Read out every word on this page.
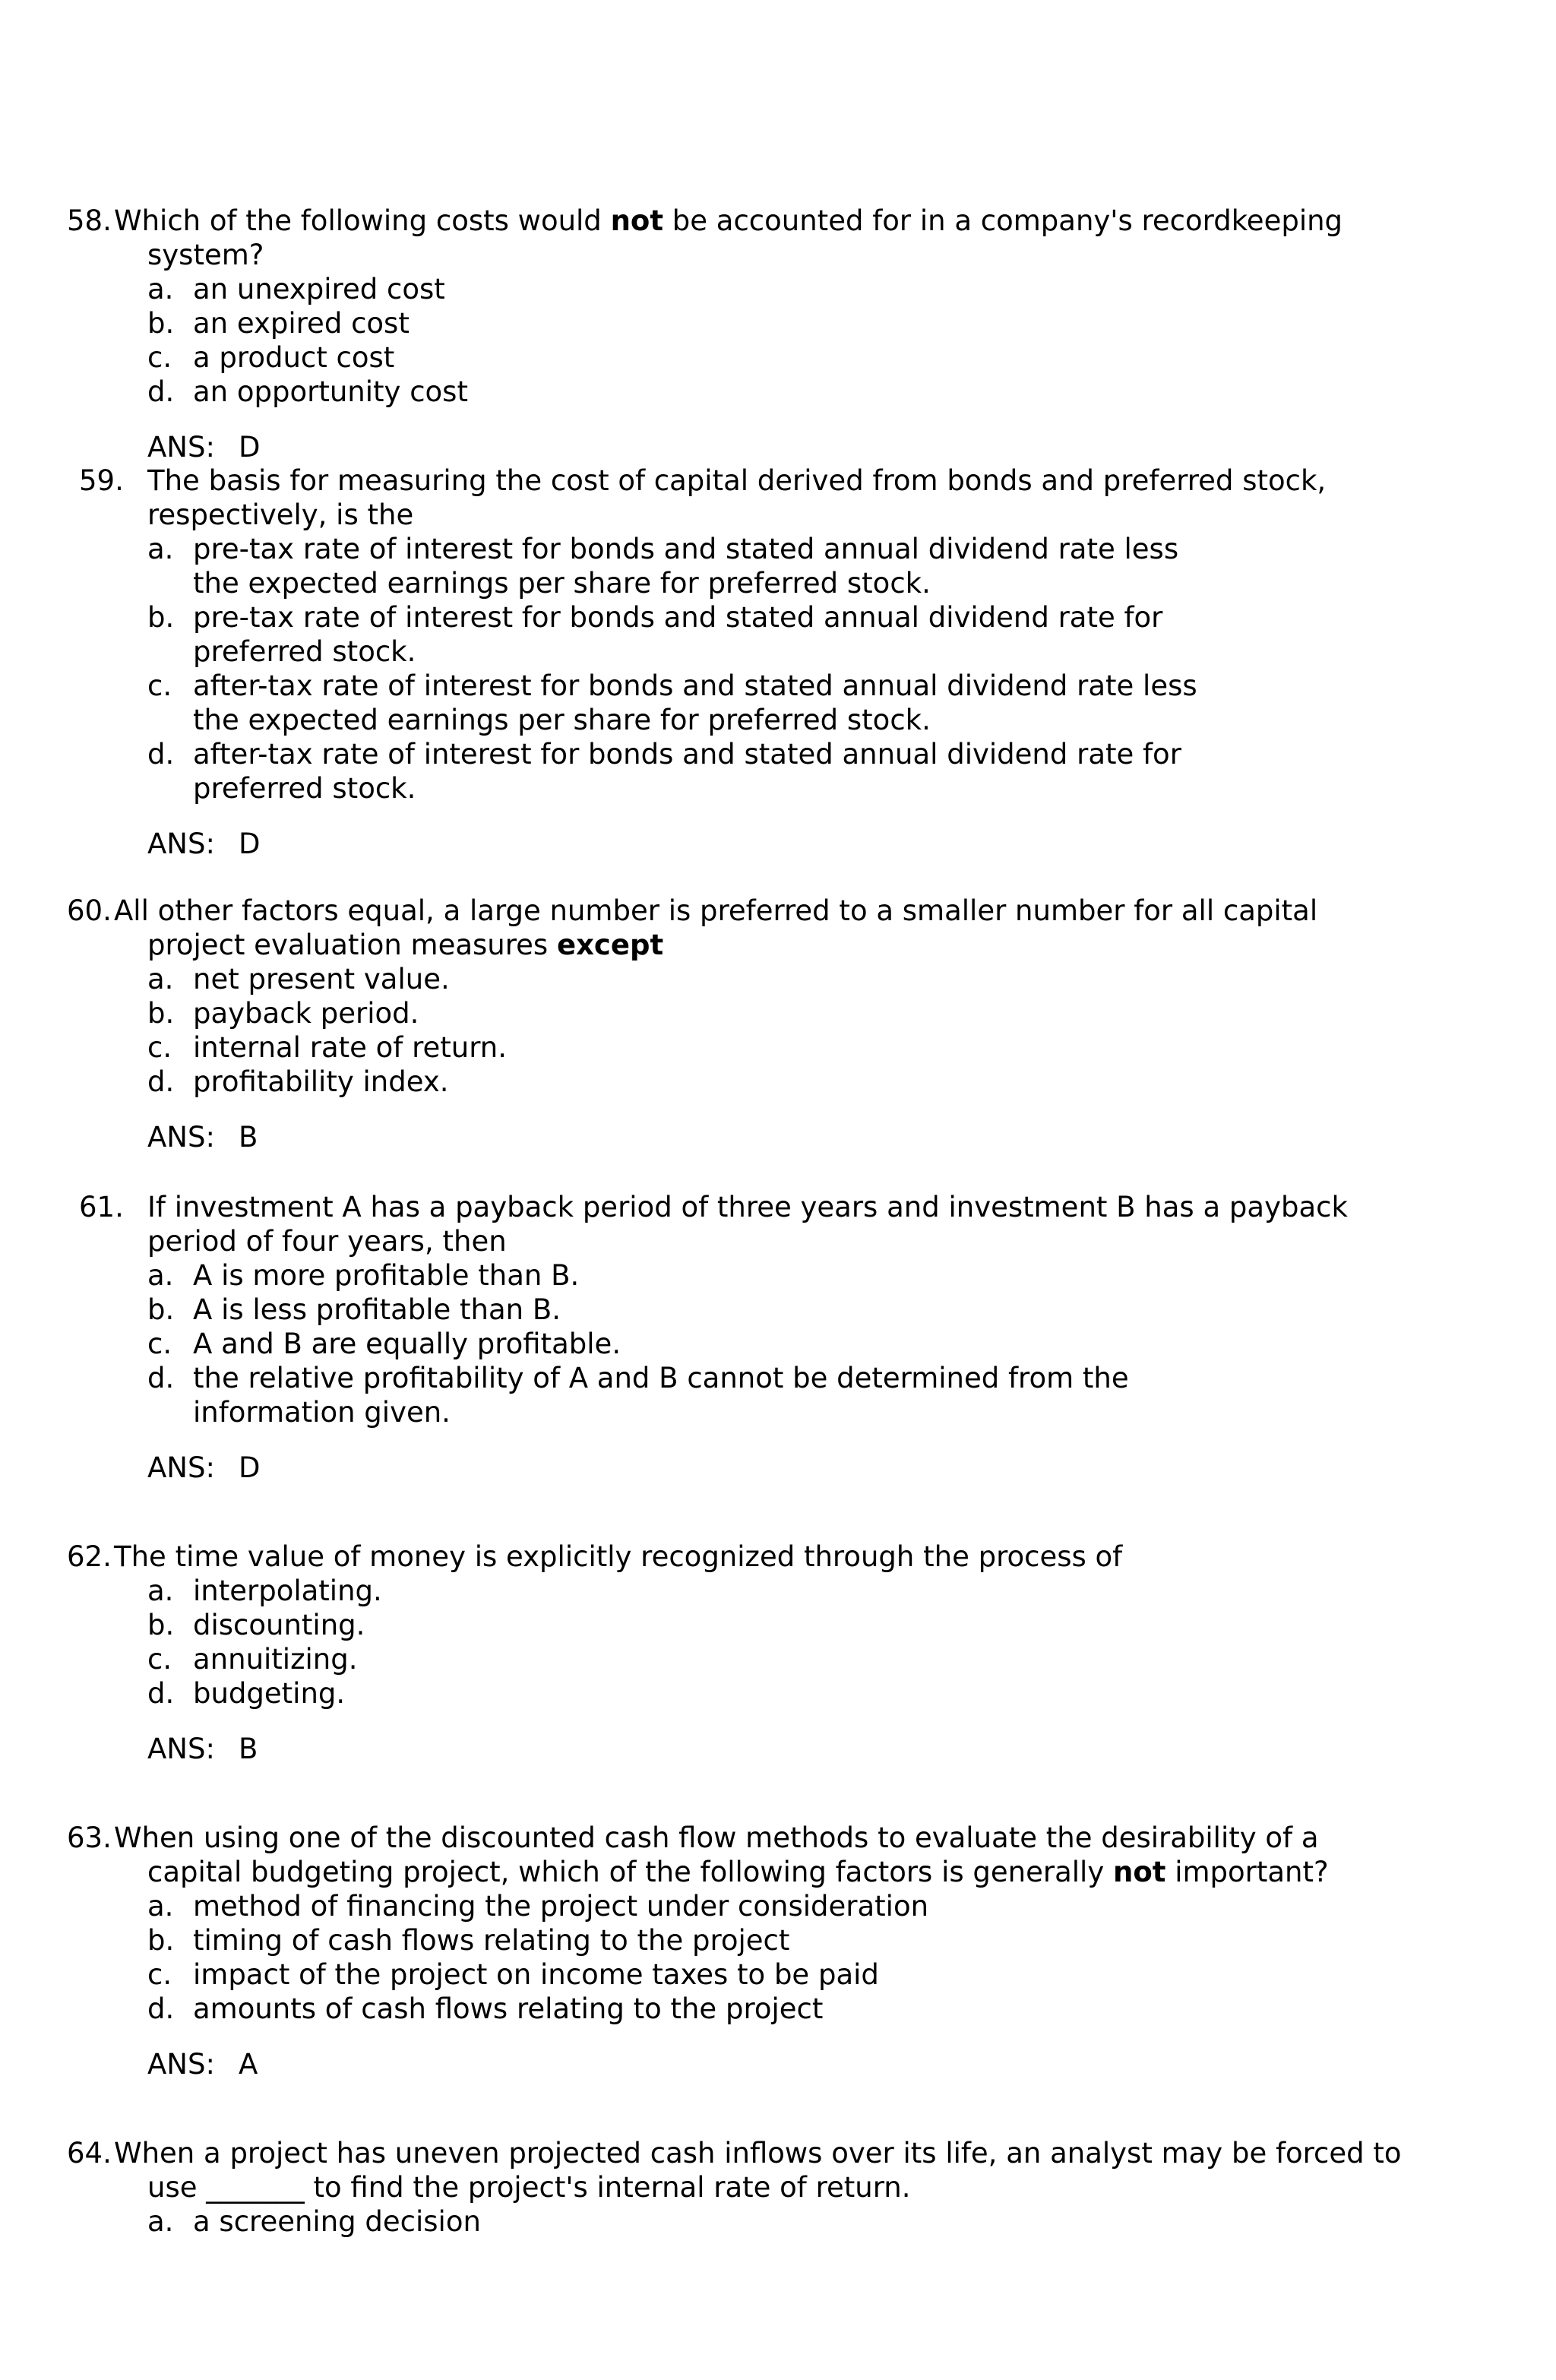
58. Which of the following costs would not be accounted for in a company's recordkeeping
system?
a. an unexpired cost
b. an expired cost
c. a product cost
d. an opportunity cost
ANS: D
59. The basis for measuring the cost of capital derived from bonds and preferred stock,
respectively, is the
a. pre-tax rate of interest for bonds and stated annual dividend rate less
the expected earnings per share for preferred stock.
b. pre-tax rate of interest for bonds and stated annual dividend rate for
preferred stock.
c. after-tax rate of interest for bonds and stated annual dividend rate less
the expected earnings per share for preferred stock.
d. after-tax rate of interest for bonds and stated annual dividend rate for
preferred stock.
ANS: D
60. All other factors equal, a large number is preferred to a smaller number for all capital
project evaluation measures except
a. net present value.
b. payback period.
c. internal rate of return.
d. profitability index.
ANS: B
61. If investment A has a payback period of three years and investment B has a payback
period of four years, then
a. A is more profitable than B.
b. A is less profitable than B.
c. A and B are equally profitable.
d. the relative profitability of A and B cannot be determined from the
information given.
ANS: D
62. The time value of money is explicitly recognized through the process of
a. interpolating.
b. discounting.
c. annuitizing.
d. budgeting.
ANS: B
63. When using one of the discounted cash flow methods to evaluate the desirability of a
capital budgeting project, which of the following factors is generally not important?
a. method of financing the project under consideration
b. timing of cash flows relating to the project
c. impact of the project on income taxes to be paid
d. amounts of cash flows relating to the project
ANS: A
64. When a project has uneven projected cash inflows over its life, an analyst may be forced to
use _______ to find the project's internal rate of return.
a. a screening decision
